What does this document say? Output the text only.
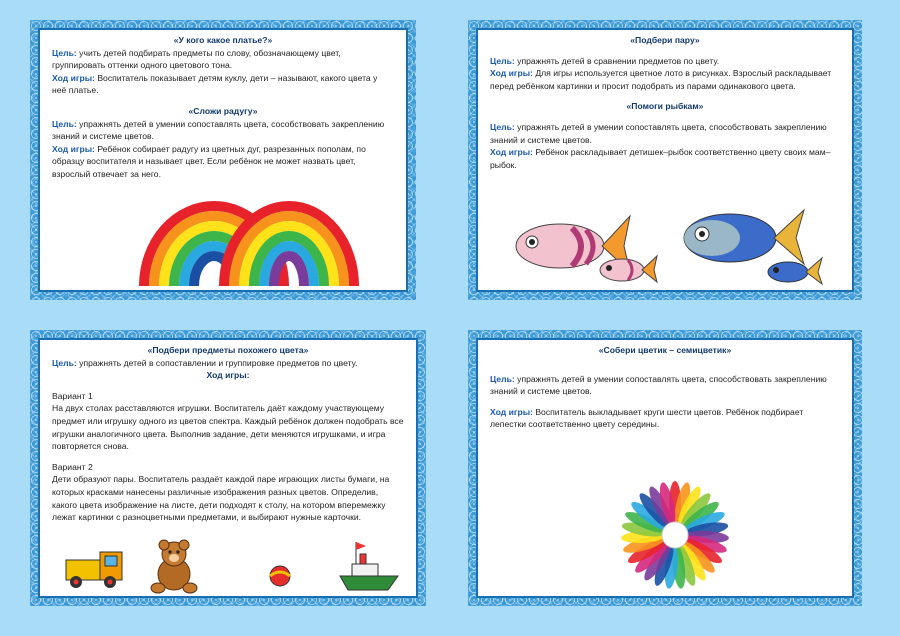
«У кого какое платье?»
Цель: учить детей подбирать предметы по слову, обозначающему цвет, группировать оттенки одного цветового тона.
Ход игры: Воспитатель показывает детям куклу, дети – называют, какого цвета у неё платье.
«Сложи радугу»
Цель: упражнять детей в умении сопоставлять цвета, сособствовать закреплению знаний и системе цветов.
Ход игры: Ребёнок собирает радугу из цветных дуг, разрезанных пополам, по образцу воспитателя и называет цвет. Если ребёнок не может назвать цвет, взрослый отвечает за него.
«Подбери пару»
Цель: упражнять детей в сравнении предметов по цвету.
Ход игры: Для игры используется цветное лото в рисунках. Взрослый раскладывает перед ребёнком картинки и просит подобрать из парами одинакового цвета.
«Помоги рыбкам»
Цель: упражнять детей в умении сопоставлять цвета, способствовать закреплению знаний и системе цветов.
Ход игры: Ребёнок раскладывает детишек–рыбок соответственно цвету своих мам–рыбок.
«Подбери предметы похожего цвета»
Цель: упражнять детей в сопоставлении и группировке предметов по цвету.
Ход игры:
Вариант 1
На двух столах расставляются игрушки. Воспитатель даёт каждому участвующему предмет или игрушку одного из цветов спектра. Каждый ребёнок должен подобрать все игрушки аналогичного цвета. Выполнив задание, дети меняются игрушками, и игра повторяется снова.
Вариант 2
Дети образуют пары. Воспитатель раздаёт каждой паре играющих листы бумаги, на которых красками нанесены различные изображения разных цветов. Определив, какого цвета изображение на листе, дети подходят к столу, на котором вперемежку лежат картинки с разноцветными предметами, и выбирают нужные карточки.
«Собери цветик – семицветик»
Цель: упражнять детей в умении сопоставлять цвета, способствовать закреплению знаний и системе цветов.
Ход игры: Воспитатель выкладывает круги шести цветов. Ребёнок подбирает лепестки соответственно цвету середины.
